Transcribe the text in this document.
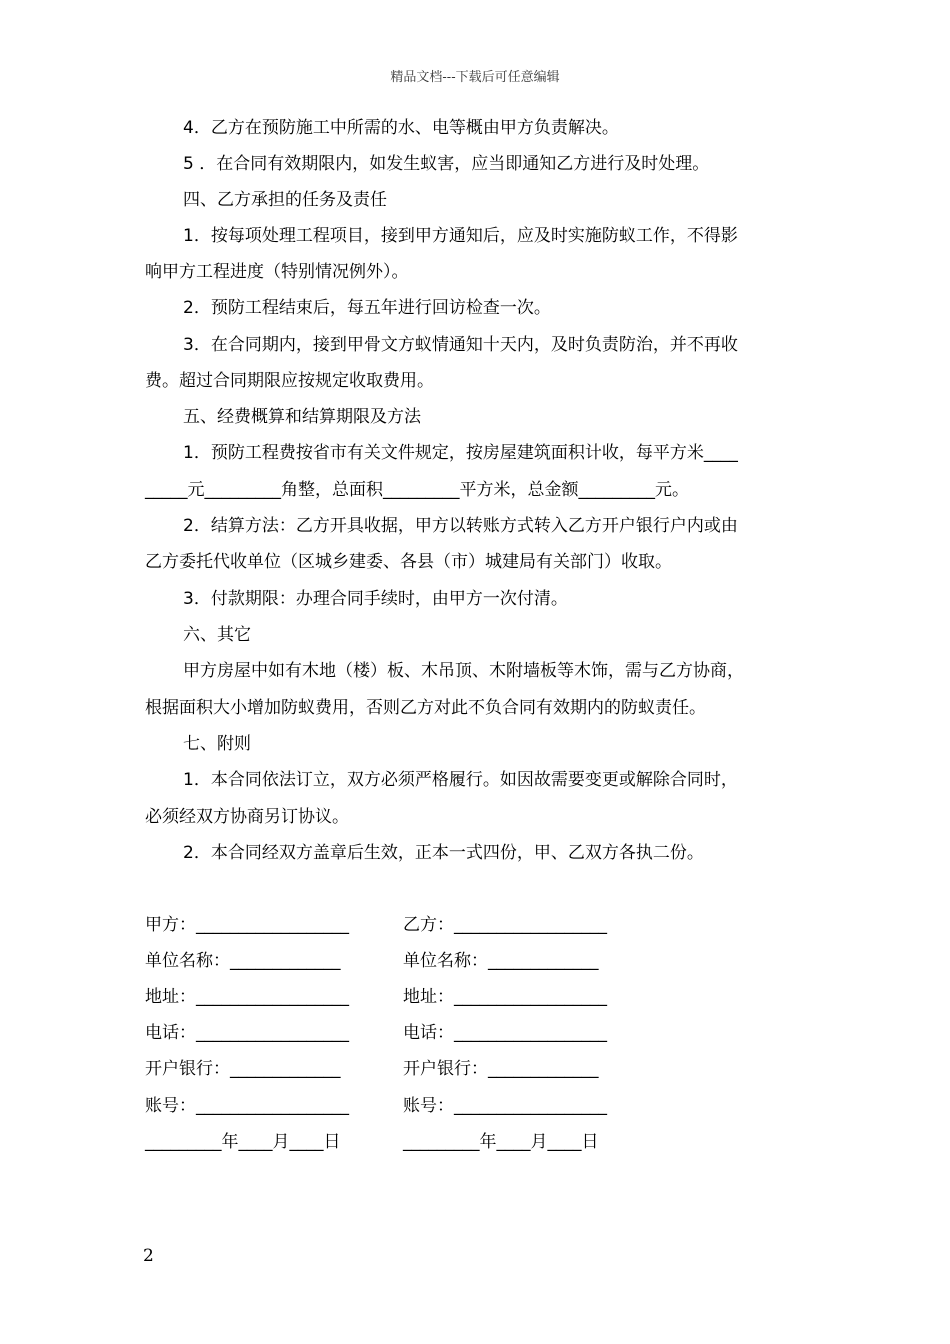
精品文档---下载后可任意编辑
4．乙方在预防施工中所需的水、电等概由甲方负责解决。
5 ．在合同有效期限内，如发生蚁害，应当即通知乙方进行及时处理。
四、乙方承担的任务及责任
1．按每项处理工程项目，接到甲方通知后，应及时实施防蚁工作，不得影
响甲方工程进度（特别情况例外）。
2．预防工程结束后，每五年进行回访检查一次。
3．在合同期内，接到甲骨文方蚁情通知十天内，及时负责防治，并不再收
费。超过合同期限应按规定收取费用。
五、经费概算和结算期限及方法
1．预防工程费按省市有关文件规定，按房屋建筑面积计收，每平方米____
_____元_________角整，总面积_________平方米，总金额_________元。
2．结算方法：乙方开具收据，甲方以转账方式转入乙方开户银行户内或由
乙方委托代收单位（区城乡建委、各县（市）城建局有关部门）收取。
3．付款期限：办理合同手续时，由甲方一次付清。
六、其它
甲方房屋中如有木地（楼）板、木吊顶、木附墙板等木饰，需与乙方协商，
根据面积大小增加防蚁费用，否则乙方对此不负合同有效期内的防蚁责任。
七、附则
1．本合同依法订立，双方必须严格履行。如因故需要变更或解除合同时，
必须经双方协商另订协议。
2．本合同经双方盖章后生效，正本一式四份，甲、乙双方各执二份。
甲方：__________________
单位名称：_____________
地址：__________________
电话：__________________
开户银行：_____________
账号：__________________
_________年____月____日
乙方：__________________
单位名称：_____________
地址：__________________
电话：__________________
开户银行：_____________
账号：__________________
_________年____月____日
2
